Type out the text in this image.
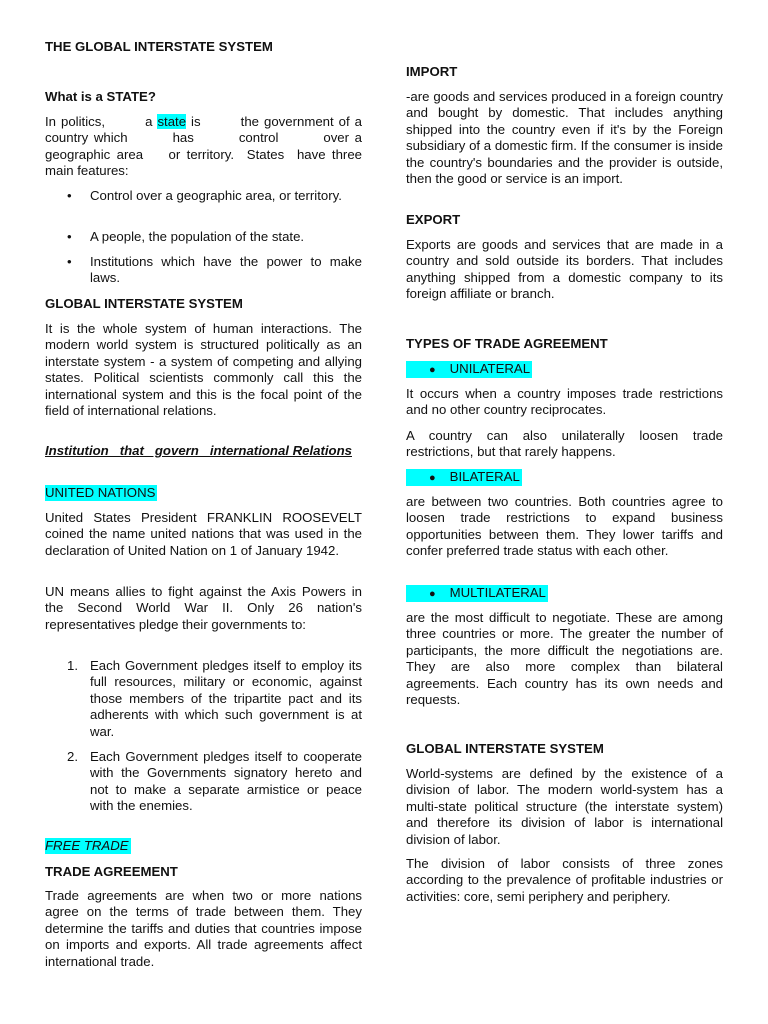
THE GLOBAL INTERSTATE SYSTEM
What is a STATE?
In politics,        a state is        the government of a country which        has        control        over a geographic area    or territory.  States  have three main features:
• Control over a geographic area, or territory.
• A people, the population of the state.
• Institutions which have the power to make laws.
GLOBAL INTERSTATE SYSTEM
It is the whole system of human interactions. The modern world system is structured politically as an interstate system - a system of competing and allying states. Political scientists commonly call this the international system and this is the focal point of the field of international relations.
Institution   that   govern   international Relations
UNITED NATIONS
United States President FRANKLIN ROOSEVELT coined the name united nations that was used in the declaration of United Nation on 1 of January 1942.
UN means allies to fight against the Axis Powers in the Second World War II. Only 26 nation's representatives pledge their governments to:
1. Each Government pledges itself to employ its full resources, military or economic, against those members of the tripartite pact and its adherents with which such government is at war.
2. Each Government pledges itself to cooperate with the Governments signatory hereto and not to make a separate armistice or peace with the enemies.
FREE TRADE
TRADE AGREEMENT
Trade agreements are when two or more nations agree on the terms of trade between them. They determine the tariffs and duties that countries impose on imports and exports. All trade agreements affect international trade.
IMPORT
-are goods and services produced in a foreign country and bought by domestic. That includes anything shipped into the country even if it's by the Foreign subsidiary of a domestic firm. If the consumer is inside the country's boundaries and the provider is outside, then the good or service is an import.
EXPORT
Exports are goods and services that are made in a country and sold outside its borders. That includes anything shipped from a domestic company to its foreign affiliate or branch.
TYPES OF TRADE AGREEMENT
● UNILATERAL
It occurs when a country imposes trade restrictions and no other country reciprocates.
A country can also unilaterally loosen trade restrictions, but that rarely happens.
● BILATERAL
are between two countries. Both countries agree to loosen trade restrictions to expand business opportunities between them. They lower tariffs and confer preferred trade status with each other.
● MULTILATERAL
are the most difficult to negotiate. These are among three countries or more. The greater the number of participants, the more difficult the negotiations are. They are also more complex than bilateral agreements. Each country has its own needs and requests.
GLOBAL INTERSTATE SYSTEM
World-systems are defined by the existence of a division of labor. The modern world-system has a multi-state political structure (the interstate system) and therefore its division of labor is international division of labor.
The division of labor consists of three zones according to the prevalence of profitable industries or activities: core, semi periphery and periphery.
